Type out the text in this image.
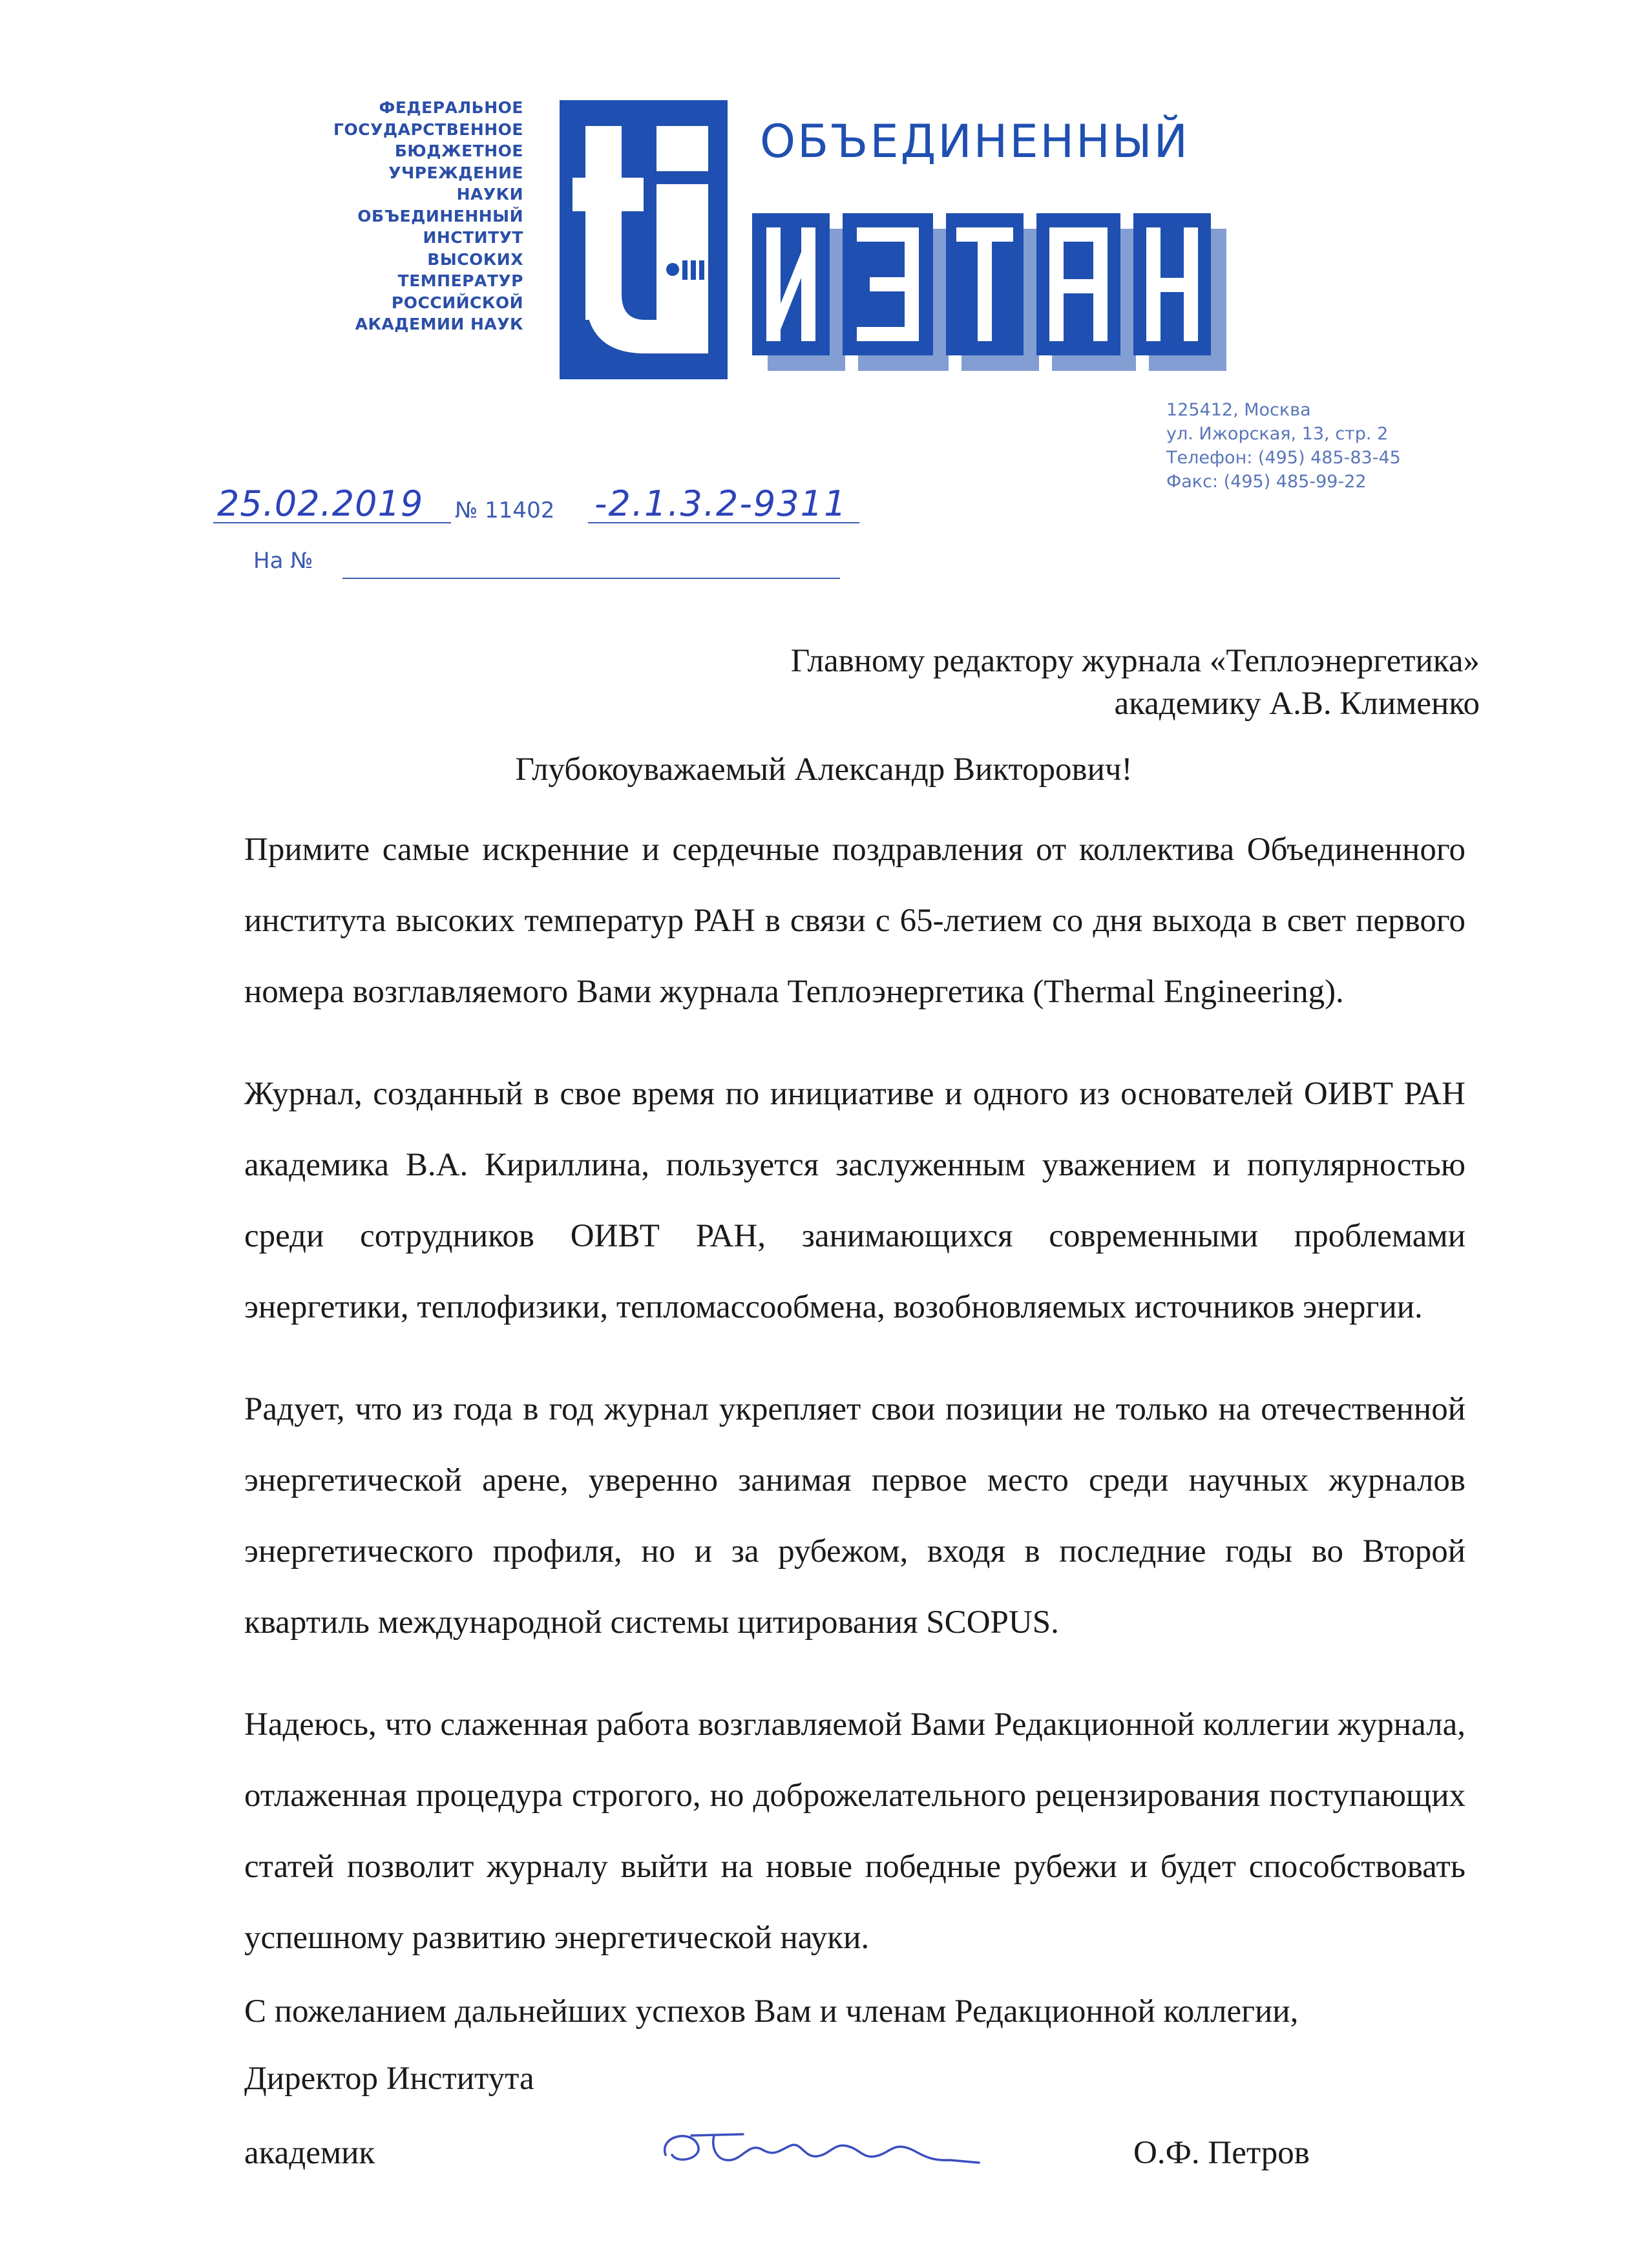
ФЕДЕРАЛЬНОЕ
ГОСУДАРСТВЕННОЕ
БЮДЖЕТНОЕ
УЧРЕЖДЕНИЕ
НАУКИ
ОБЪЕДИНЕННЫЙ
ИНСТИТУТ
ВЫСОКИХ
ТЕМПЕРАТУР
РОССИЙСКОЙ
АКАДЕМИИ НАУК
ОБЪЕДИНЕННЫЙ
125412, Москва
ул. Ижорская, 13, стр. 2
Телефон: (495) 485-83-45
Факс: (495) 485-99-22
25.02.2019 № 11402 -2.1.3.2-9311
На №
Главному редактору журнала «Теплоэнергетика»
академику А.В. Клименко
Глубокоуважаемый Александр Викторович!

Примите самые искренние и сердечные поздравления от коллектива Объединенного института высоких температур РАН в связи с 65-летием со дня выхода в свет первого номера возглавляемого Вами журнала Теплоэнергетика (Thermal Engineering).

Журнал, созданный в свое время по инициативе и одного из основателей ОИВТ РАН академика В.А. Кириллина, пользуется заслуженным уважением и популярностью среди сотрудников ОИВТ РАН, занимающихся современными проблемами энергетики, теплофизики, тепломассообмена, возобновляемых источников энергии.

Радует, что из года в год журнал укрепляет свои позиции не только на отечественной энергетической арене, уверенно занимая первое место среди научных журналов энергетического профиля, но и за рубежом, входя в последние годы во Второй квартиль международной системы цитирования SCOPUS.

Надеюсь, что слаженная работа возглавляемой Вами Редакционной коллегии журнала, отлаженная процедура строгого, но доброжелательного рецензирования поступающих статей позволит журналу выйти на новые победные рубежи и будет способствовать успешному развитию энергетической науки.

С пожеланием дальнейших успехов Вам и членам Редакционной коллегии,
Директор Института
академик	О.Ф. Петров
